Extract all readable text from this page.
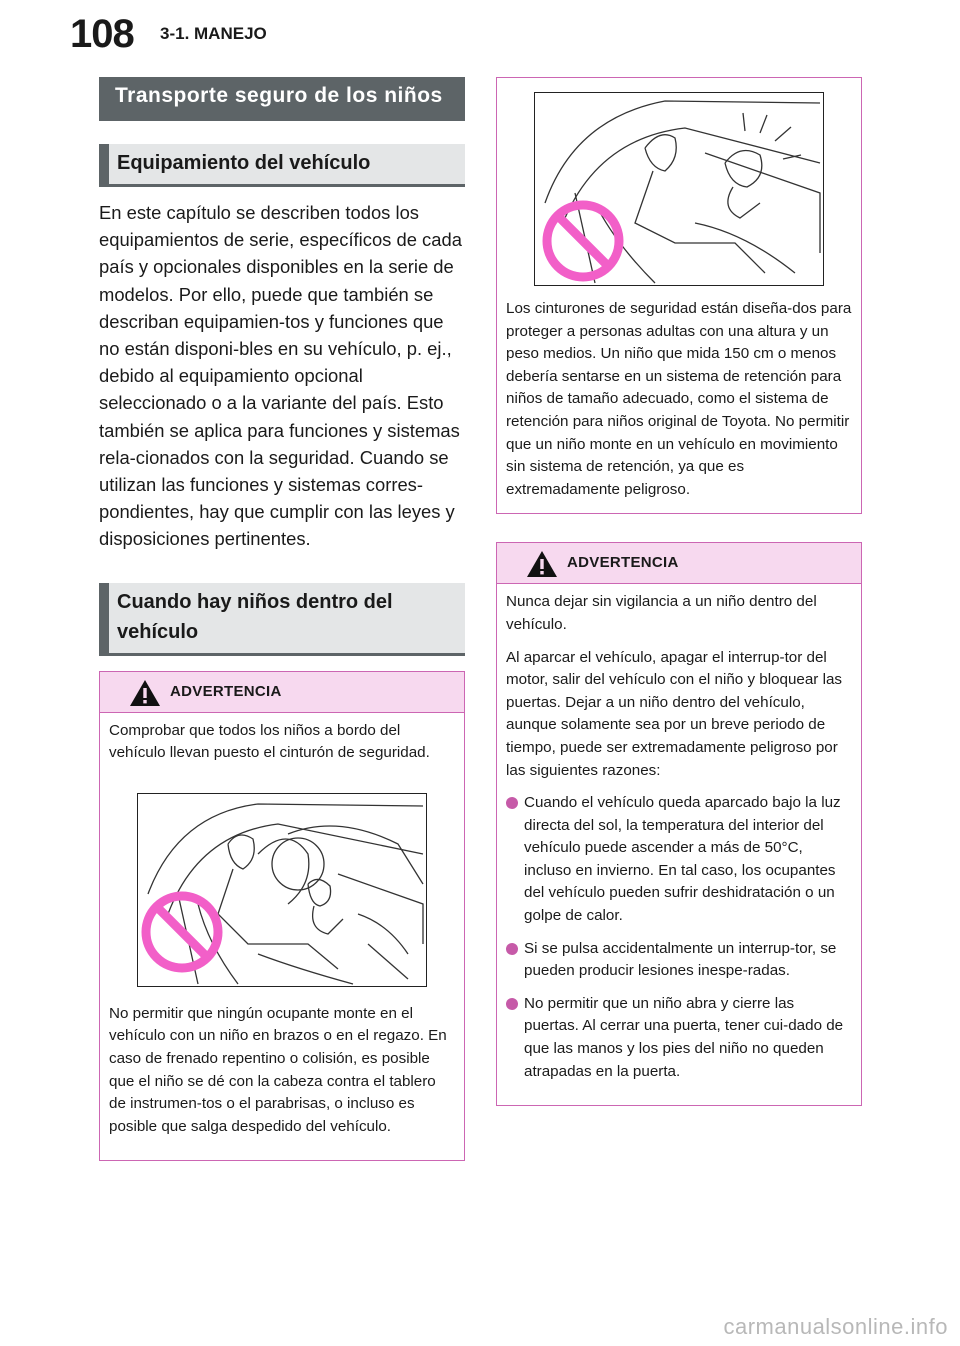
108 3-1. MANEJO
Transporte seguro de los niños
Equipamiento del vehículo

En este capítulo se describen todos los equipamientos de serie, específicos de cada país y opcionales disponibles en la serie de modelos. Por ello, puede que también se describan equipamien-tos y funciones que no están disponi-bles en su vehículo, p. ej., debido al equipamiento opcional seleccionado o a la variante del país. Esto también se aplica para funciones y sistemas rela-cionados con la seguridad. Cuando se utilizan las funciones y sistemas corres-pondientes, hay que cumplir con las leyes y disposiciones pertinentes.

Cuando hay niños dentro del vehículo
ADVERTENCIA

Comprobar que todos los niños a bordo del vehículo llevan puesto el cinturón de seguridad.

No permitir que ningún ocupante monte en el vehículo con un niño en brazos o en el regazo. En caso de frenado repentino o colisión, es posible que el niño se dé con la cabeza contra el tablero de instrumen-tos o el parabrisas, o incluso es posible que salga despedido del vehículo.

Los cinturones de seguridad están diseña-dos para proteger a personas adultas con una altura y un peso medios. Un niño que mida 150 cm o menos debería sentarse en un sistema de retención para niños de tamaño adecuado, como el sistema de retención para niños original de Toyota. No permitir que un niño monte en un vehículo en movimiento sin sistema de retención, ya que es extremadamente peligroso.

ADVERTENCIA

Nunca dejar sin vigilancia a un niño dentro del vehículo.

Al aparcar el vehículo, apagar el interrup-tor del motor, salir del vehículo con el niño y bloquear las puertas. Dejar a un niño dentro del vehículo, aunque solamente sea por un breve periodo de tiempo, puede ser extremadamente peligroso por las siguientes razones:

Cuando el vehículo queda aparcado bajo la luz directa del sol, la temperatura del interior del vehículo puede ascender a más de 50°C, incluso en invierno. En tal caso, los ocupantes del vehículo pueden sufrir deshidratación o un golpe de calor.
Si se pulsa accidentalmente un interrup-tor, se pueden producir lesiones inespe-radas.
No permitir que un niño abra y cierre las puertas. Al cerrar una puerta, tener cui-dado de que las manos y los pies del niño no queden atrapadas en la puerta.
carmanualsonline.info
